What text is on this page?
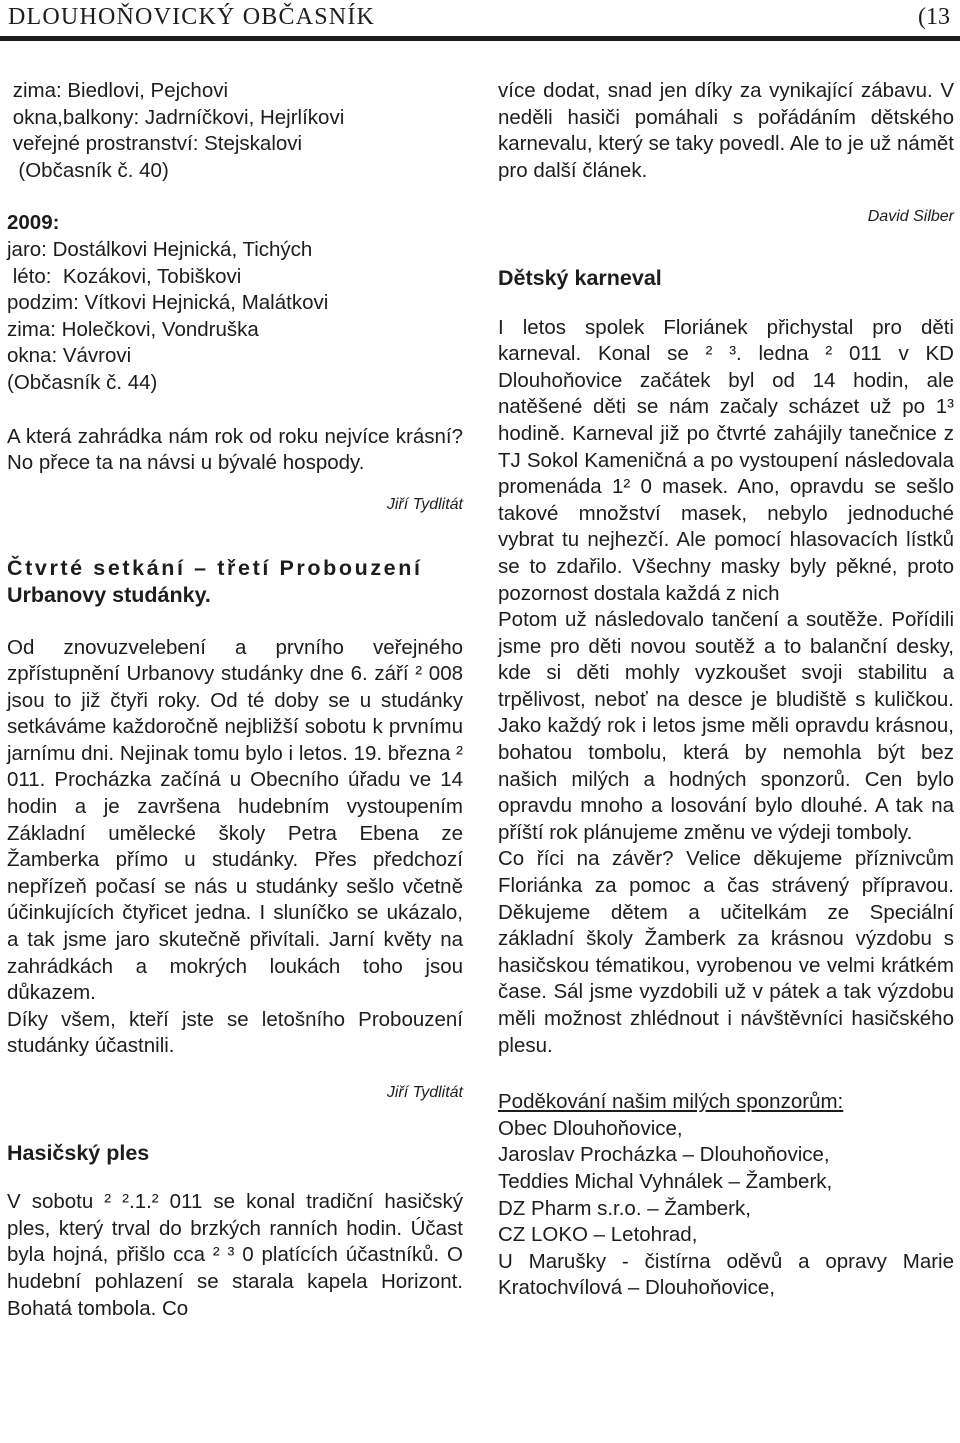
DLOUHOŇOVICKÝ OBČASNÍK	(13

zima: Biedlovi, Pejchovi

okna,balkony: Jadrníčkovi, Hejrlíkovi

veřejné prostranství: Stejskalovi

(Občasník č. 40)

2009:

jaro: Dostálkovi Hejnická, Tichých

léto:  Kozákovi, Tobiškovi

podzim: Vítkovi Hejnická, Malátkovi

zima: Holečkovi, Vondruška

okna: Vávrovi

(Občasník č. 44)

A která zahrádka nám rok od roku nejvíce krásní? No přece ta na návsi u bývalé hospody.

Jiří Tydlitát

Čtvrté setkání – třetí Probouzení

Urbanovy studánky.

Od znovuzvelebení a prvního veřejného zpřístupnění Urbanovy studánky dne 6. září ² 008 jsou to již čtyři roky. Od té doby se u studánky setkáváme každoročně nejbližší sobotu k prvnímu jarnímu dni. Nejinak tomu bylo i letos. 19. března ² 011. Procházka začíná u Obecního úřadu ve 14 hodin a je završena hudebním vystoupením Základní umělecké školy Petra Ebena ze Žamberka přímo u studánky. Přes předchozí nepřízeň počasí se nás u studánky sešlo včetně účinkujících čtyřicet jedna. I sluníčko se ukázalo, a tak jsme jaro skutečně přivítali. Jarní květy na zahrádkách a mokrých loukách toho jsou důkazem.

Díky všem, kteří jste se letošního Probouzení studánky účastnili.

Jiří Tydlitát

Hasičský ples

V sobotu ² ².1.² 011 se konal tradiční hasičský ples, který trval do brzkých ranních hodin. Účast byla hojná, přišlo cca ² ³ 0 platících účastníků. O hudební pohlazení se starala kapela Horizont. Bohatá tombola. Co

více dodat, snad jen díky za vynikající zábavu. V neděli hasiči pomáhali s pořádáním dětského karnevalu, který se taky povedl. Ale to je už námět pro další článek.

David Silber

Dětský karneval

I letos spolek Floriánek přichystal pro děti karneval. Konal se ² ³. ledna ² 011 v KD Dlouhoňovice začátek byl od 14 hodin, ale natěšené děti se nám začaly scházet už po 1³ hodině. Karneval již po čtvrté zahájily tanečnice z TJ Sokol Kameničná a po vystoupení následovala promenáda 1² 0 masek. Ano, opravdu se sešlo takové množství masek, nebylo jednoduché vybrat tu nejhezčí. Ale pomocí hlasovacích lístků se to zdařilo. Všechny masky byly pěkné, proto pozornost dostala každá z nich

Potom už následovalo tančení a soutěže. Pořídili jsme pro děti novou soutěž a to balanční desky, kde si děti mohly vyzkoušet svoji stabilitu a trpělivost, neboť na desce je bludiště s kuličkou. Jako každý rok i letos jsme měli opravdu krásnou, bohatou tombolu, která by nemohla být bez našich milých a hodných sponzorů. Cen bylo opravdu mnoho a losování bylo dlouhé. A tak na příští rok plánujeme změnu ve výdeji tomboly.

Co říci na závěr? Velice děkujeme příznivcům Floriánka za pomoc a čas strávený přípravou. Děkujeme dětem a učitelkám ze Speciální základní školy Žamberk za krásnou výzdobu s hasičskou tématikou, vyrobenou ve velmi krátkém čase. Sál jsme vyzdobili už v pátek a tak výzdobu měli možnost zhlédnout i návštěvníci hasičského plesu.

Poděkování našim milých sponzorům:

Obec Dlouhoňovice,

Jaroslav Procházka – Dlouhoňovice,

Teddies Michal Vyhnálek – Žamberk,

DZ Pharm s.r.o. – Žamberk,

CZ LOKO – Letohrad,

U Marušky - čistírna oděvů a opravy Marie Kratochvílová – Dlouhoňovice,
